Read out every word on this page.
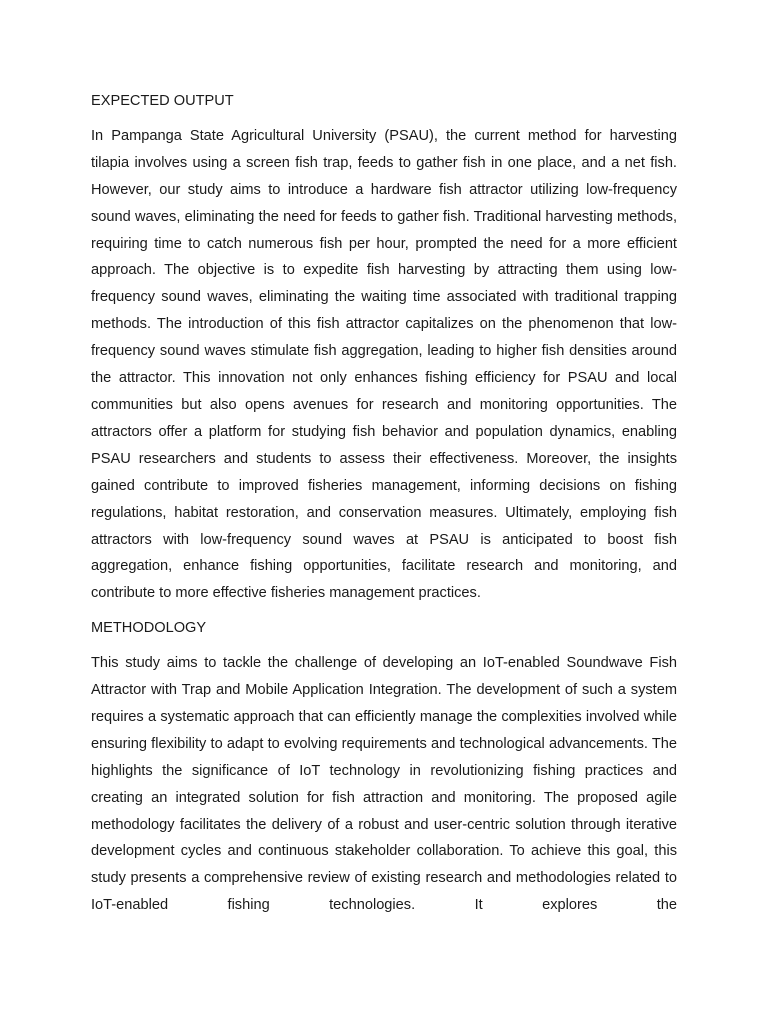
EXPECTED OUTPUT

In Pampanga State Agricultural University (PSAU), the current method for harvesting tilapia involves using a screen fish trap, feeds to gather fish in one place, and a net fish. However, our study aims to introduce a hardware fish attractor utilizing low-frequency sound waves, eliminating the need for feeds to gather fish. Traditional harvesting methods, requiring time to catch numerous fish per hour, prompted the need for a more efficient approach. The objective is to expedite fish harvesting by attracting them using low-frequency sound waves, eliminating the waiting time associated with traditional trapping methods. The introduction of this fish attractor capitalizes on the phenomenon that low-frequency sound waves stimulate fish aggregation, leading to higher fish densities around the attractor. This innovation not only enhances fishing efficiency for PSAU and local communities but also opens avenues for research and monitoring opportunities. The attractors offer a platform for studying fish behavior and population dynamics, enabling PSAU researchers and students to assess their effectiveness. Moreover, the insights gained contribute to improved fisheries management, informing decisions on fishing regulations, habitat restoration, and conservation measures. Ultimately, employing fish attractors with low-frequency sound waves at PSAU is anticipated to boost fish aggregation, enhance fishing opportunities, facilitate research and monitoring, and contribute to more effective fisheries management practices.

METHODOLOGY

This study aims to tackle the challenge of developing an IoT-enabled Soundwave Fish Attractor with Trap and Mobile Application Integration. The development of such a system requires a systematic approach that can efficiently manage the complexities involved while ensuring flexibility to adapt to evolving requirements and technological advancements. The highlights the significance of IoT technology in revolutionizing fishing practices and creating an integrated solution for fish attraction and monitoring. The proposed agile methodology facilitates the delivery of a robust and user-centric solution through iterative development cycles and continuous stakeholder collaboration. To achieve this goal, this study presents a comprehensive review of existing research and methodologies related to IoT-enabled fishing technologies. It explores the
